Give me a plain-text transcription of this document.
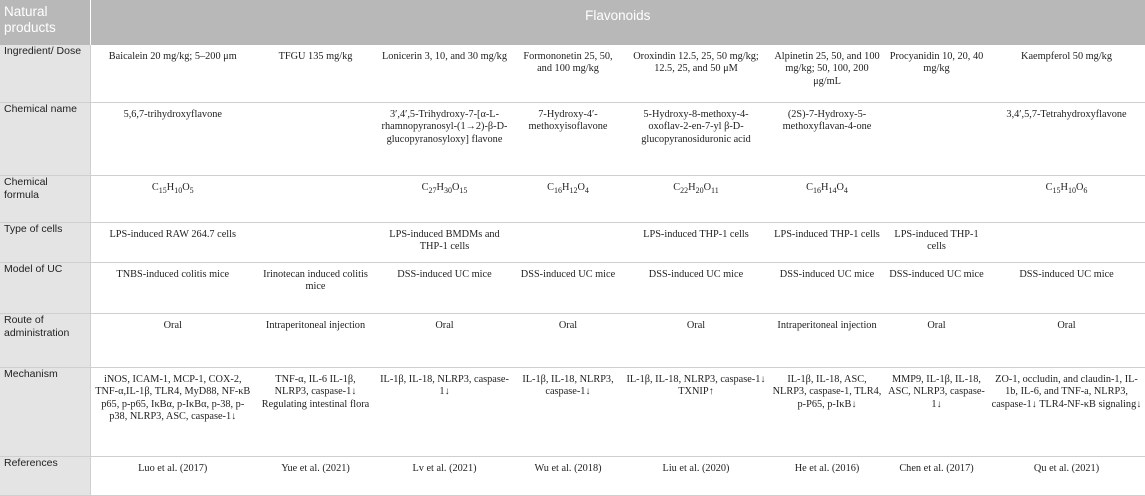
Natural products	Flavonoids							
Ingredient/ Dose	Baicalein 20 mg/kg; 5–200 μm	TFGU 135 mg/kg	Lonicerin 3, 10, and 30 mg/kg	Formononetin 25, 50, and 100 mg/kg	Oroxindin 12.5, 25, 50 mg/kg; 12.5, 25, and 50 μM	Alpinetin 25, 50, and 100 mg/kg; 50, 100, 200 μg/mL	Procyanidin 10, 20, 40 mg/kg	Kaempferol 50 mg/kg
Chemical name	5,6,7-trihydroxyflavone		3′,4′,5-Trihydroxy-7-[α-L-rhamnopyranosyl-(1→2)-β-D-glucopyranosyloxy] flavone	7-Hydroxy-4′-methoxyisoflavone	5-Hydroxy-8-methoxy-4-oxoflav-2-en-7-yl β-D-glucopyranosiduronic acid	(2S)-7-Hydroxy-5-methoxyflavan-4-one		3,4′,5,7-Tetrahydroxyflavone
Chemical formula	$C_{15}H_{10}O_5$		$C_{27}H_{30}O_{15}$	$C_{16}H_{12}O_4$	$C_{22}H_{20}O_{11}$	$C_{16}H_{14}O_4$		$C_{15}H_{10}O_6$
Type of cells	LPS-induced RAW 264.7 cells		LPS-induced BMDMs and THP-1 cells		LPS-induced THP-1 cells	LPS-induced THP-1 cells	LPS-induced THP-1 cells	
Model of UC	TNBS-induced colitis mice	Irinotecan induced colitis mice	DSS-induced UC mice	DSS-induced UC mice	DSS-induced UC mice	DSS-induced UC mice	DSS-induced UC mice	DSS-induced UC mice
Route of administration	Oral	Intraperitoneal injection	Oral	Oral	Oral	Intraperitoneal injection	Oral	Oral
Mechanism	iNOS, ICAM-1, MCP-1, COX-2, TNF-α,IL-1β, TLR4, MyD88, NF-κB p65, p-p65, IκBα, p-IκBα, p-38, p-p38, NLRP3, ASC, caspase-1↓	TNF-α, IL-6 IL-1β, NLRP3, caspase-1↓ Regulating intestinal flora	IL-1β, IL-18, NLRP3, caspase-1↓	IL-1β, IL-18, NLRP3, caspase-1↓	IL-1β, IL-18, NLRP3, caspase-1↓ TXNIP↑	IL-1β, IL-18, ASC, NLRP3, caspase-1, TLR4, p-P65, p-IκB↓	MMP9, IL-1β, IL-18, ASC, NLRP3, caspase-1↓	ZO-1, occludin, and claudin-1, IL-1b, IL-6, and TNF-a, NLRP3, caspase-1↓ TLR4-NF-κB signaling↓
References	Luo et al. (2017)	Yue et al. (2021)	Lv et al. (2021)	Wu et al. (2018)	Liu et al. (2020)	He et al. (2016)	Chen et al. (2017)	Qu et al. (2021)
